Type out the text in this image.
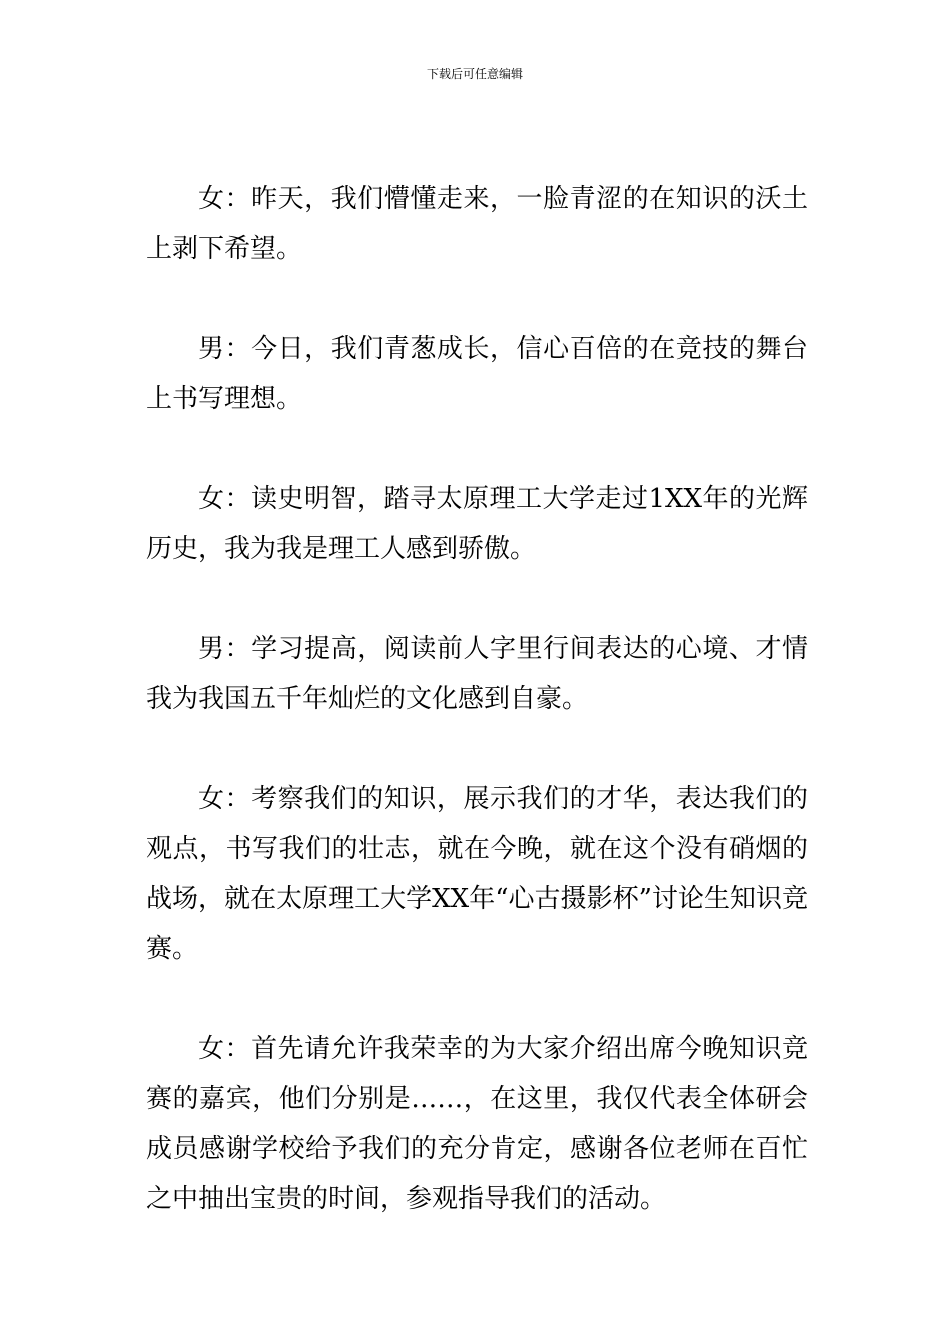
下载后可任意编辑

女：昨天，我们懵懂走来，一脸青涩的在知识的沃土上剥下希望。

男：今日，我们青葱成长，信心百倍的在竞技的舞台上书写理想。

女：读史明智，踏寻太原理工大学走过1XX年的光辉历史，我为我是理工人感到骄傲。

男：学习提高，阅读前人字里行间表达的心境、才情我为我国五千年灿烂的文化感到自豪。

女：考察我们的知识，展示我们的才华，表达我们的观点，书写我们的壮志，就在今晚，就在这个没有硝烟的战场，就在太原理工大学XX年“心古摄影杯”讨论生知识竞赛。

女：首先请允许我荣幸的为大家介绍出席今晚知识竞赛的嘉宾，他们分别是……，在这里，我仅代表全体研会成员感谢学校给予我们的充分肯定，感谢各位老师在百忙之中抽出宝贵的时间，参观指导我们的活动。
